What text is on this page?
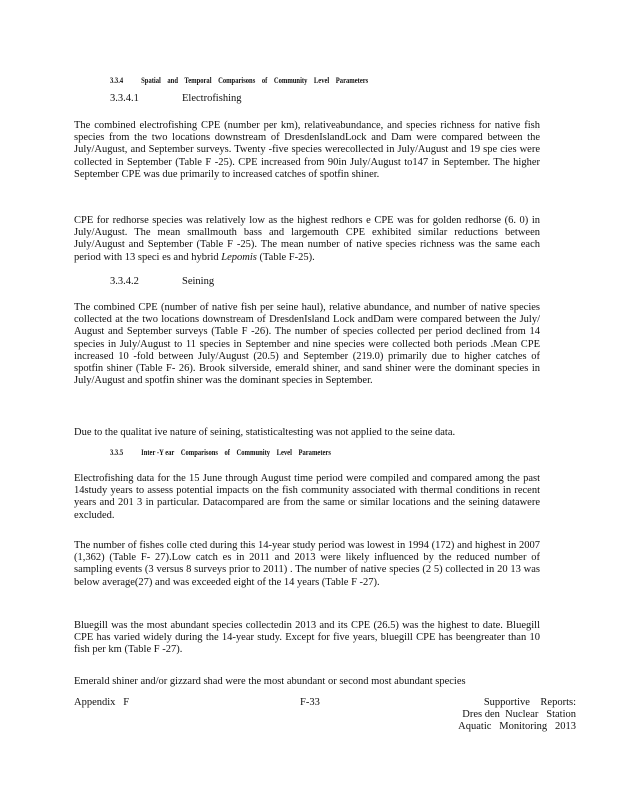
3.3.4 Spatial    and    Temporal    Comparisons    of    Community    Level    Parameters
3.3.4.1	Electrofishing

The combined electrofishing CPE (number per km), relativeabundance, and species richness for native fish species from the two locations downstream of DresdenIslandLock and Dam were compared between the July/August, and September surveys. Twenty -five species werecollected in July/August and 19 spe cies were collected in September (Table F -25). CPE increased from 90in July/August to147 in September. The higher September CPE was due primarily to increased catches of spotfin shiner.

CPE for redhorse species was relatively low as the highest redhors e CPE was for golden redhorse (6. 0) in July/August. The mean smallmouth bass and largemouth CPE exhibited similar reductions between July/August and September (Table F -25). The mean number of native species richness was the same each period with 13 speci es and hybrid Lepomis (Table F-25).

3.3.4.2	Seining

The combined CPE (number of native fish per seine haul), relative abundance, and number of native species collected at the two locations downstream of DresdenIsland Lock andDam were compared between the July/ August and September surveys (Table F -26). The number of species collected per period declined from 14 species in July/August to 11 species in September and nine species were collected both periods .Mean CPE increased 10 -fold between July/August (20.5) and September (219.0) primarily due to higher catches of spotfin shiner (Table F- 26). Brook silverside, emerald shiner, and sand shiner were the dominant species in July/August and spotfin shiner was the dominant species in September.

Due to the qualitat ive nature of seining, statisticaltesting was not applied to the seine data.

3.3.5 Inter -Y ear    Comparisons    of    Community    Level    Parameters

Electrofishing data for the 15 June through August time period were compiled and compared among the past 14study years to assess potential impacts on the fish community associated with thermal conditions in recent years and 201 3 in particular. Datacompared are from the same or similar locations and the seining datawere excluded.

The number of fishes colle cted during this 14-year study period was lowest in 1994 (172) and highest in 2007 (1,362) (Table F- 27).Low catch es in 2011 and 2013 were likely influenced by the reduced number of sampling events (3 versus 8 surveys prior to 2011) . The number of native species (2 5) collected in 20 13 was below average(27) and was exceeded eight of the 14 years (Table F -27).

Bluegill was the most abundant species collectedin 2013 and its CPE (26.5) was the highest to date. Bluegill CPE has varied widely during the 14-year study. Except for five years, bluegill CPE has beengreater than 10 fish per km (Table F -27).

Emerald shiner and/or gizzard shad were the most abundant or second most abundant species

Appendix   F	F-33	Supportive    Reports:
Dres den  Nuclear   Station
Aquatic   Monitoring   2013
